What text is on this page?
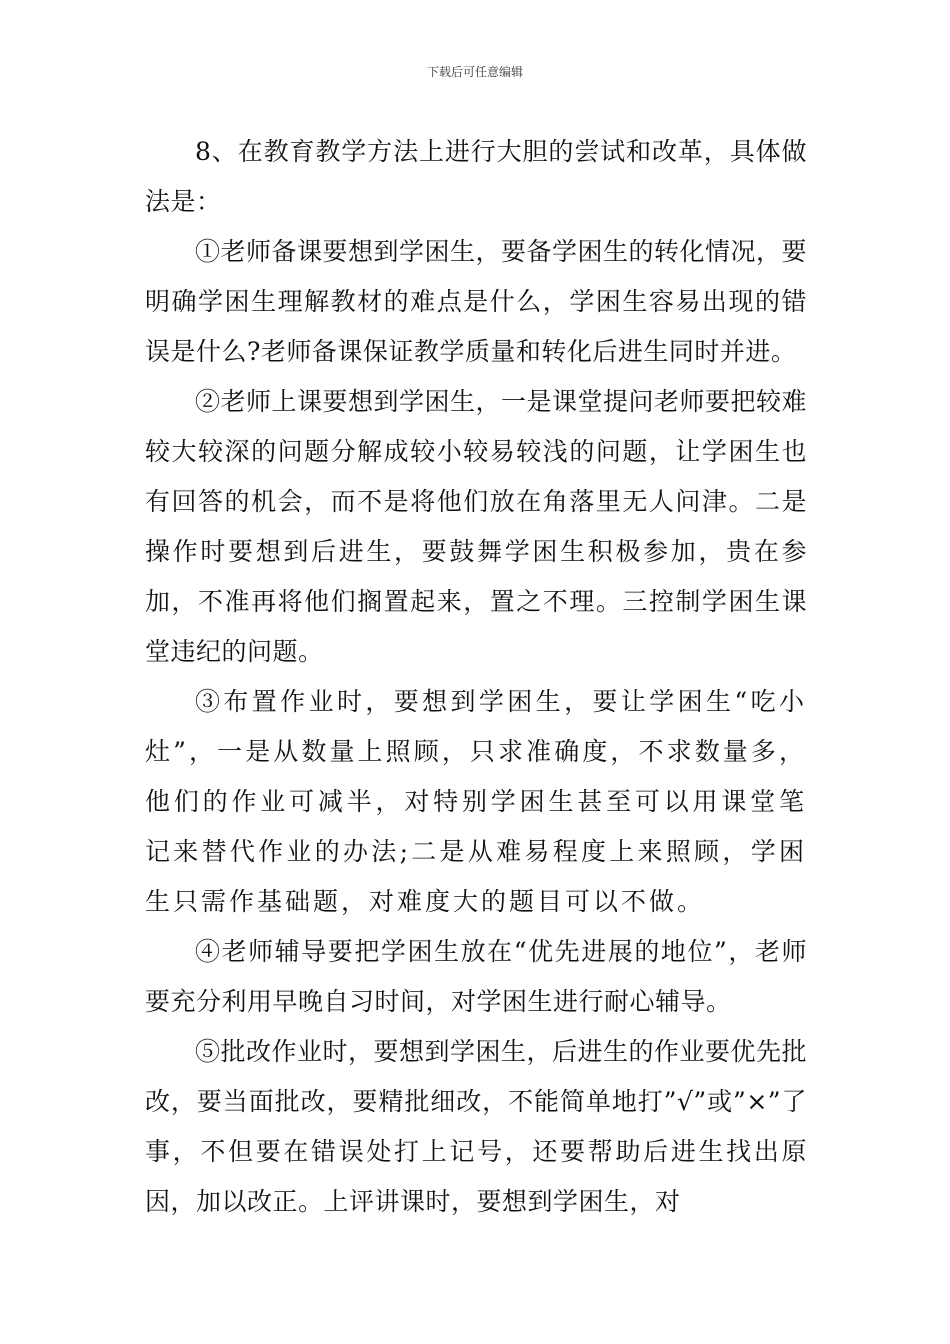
下载后可任意编辑

8、在教育教学方法上进行大胆的尝试和改革，具体做法是：

①老师备课要想到学困生，要备学困生的转化情况，要明确学困生理解教材的难点是什么，学困生容易出现的错误是什么?老师备课保证教学质量和转化后进生同时并进。

②老师上课要想到学困生，一是课堂提问老师要把较难较大较深的问题分解成较小较易较浅的问题，让学困生也有回答的机会，而不是将他们放在角落里无人问津。二是操作时要想到后进生，要鼓舞学困生积极参加，贵在参加，不准再将他们搁置起来，置之不理。三控制学困生课堂违纪的问题。

③布置作业时，要想到学困生，要让学困生“吃小灶”，一是从数量上照顾，只求准确度，不求数量多，他们的作业可减半，对特别学困生甚至可以用课堂笔记来替代作业的办法;二是从难易程度上来照顾，学困生只需作基础题，对难度大的题目可以不做。

④老师辅导要把学困生放在“优先进展的地位”，老师要充分利用早晚自习时间，对学困生进行耐心辅导。

⑤批改作业时，要想到学困生，后进生的作业要优先批改，要当面批改，要精批细改，不能简单地打”√”或”×”了事，不但要在错误处打上记号，还要帮助后进生找出原因，加以改正。上评讲课时，要想到学困生，对
